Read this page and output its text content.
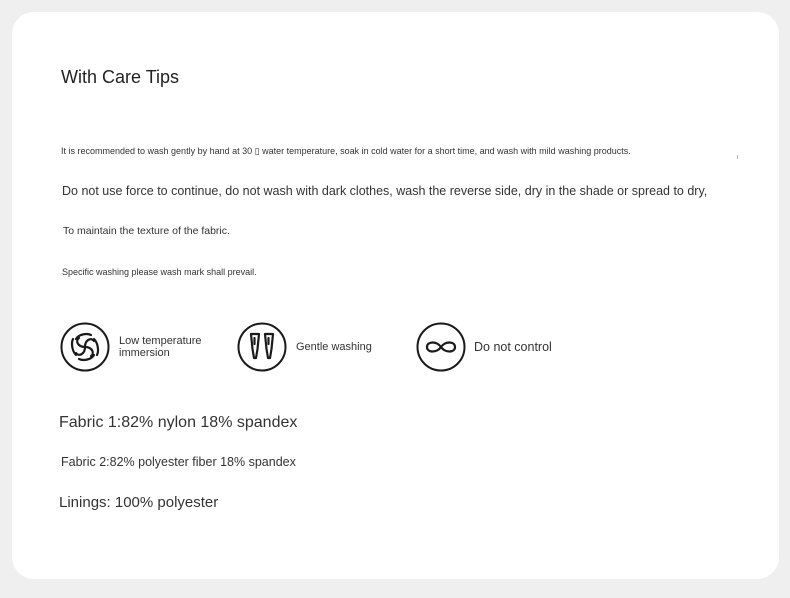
With Care Tips

It is recommended to wash gently by hand at 30 ▯ water temperature, soak in cold water for a short time, and wash with mild washing products.

Do not use force to continue, do not wash with dark clothes, wash the reverse side, dry in the shade or spread to dry,

To maintain the texture of the fabric.

Specific washing please wash mark shall prevail.

Low temperature immersion	Gentle washing	Do not control

Fabric 1:82% nylon 18% spandex

Fabric 2:82% polyester fiber 18% spandex

Linings: 100% polyester
